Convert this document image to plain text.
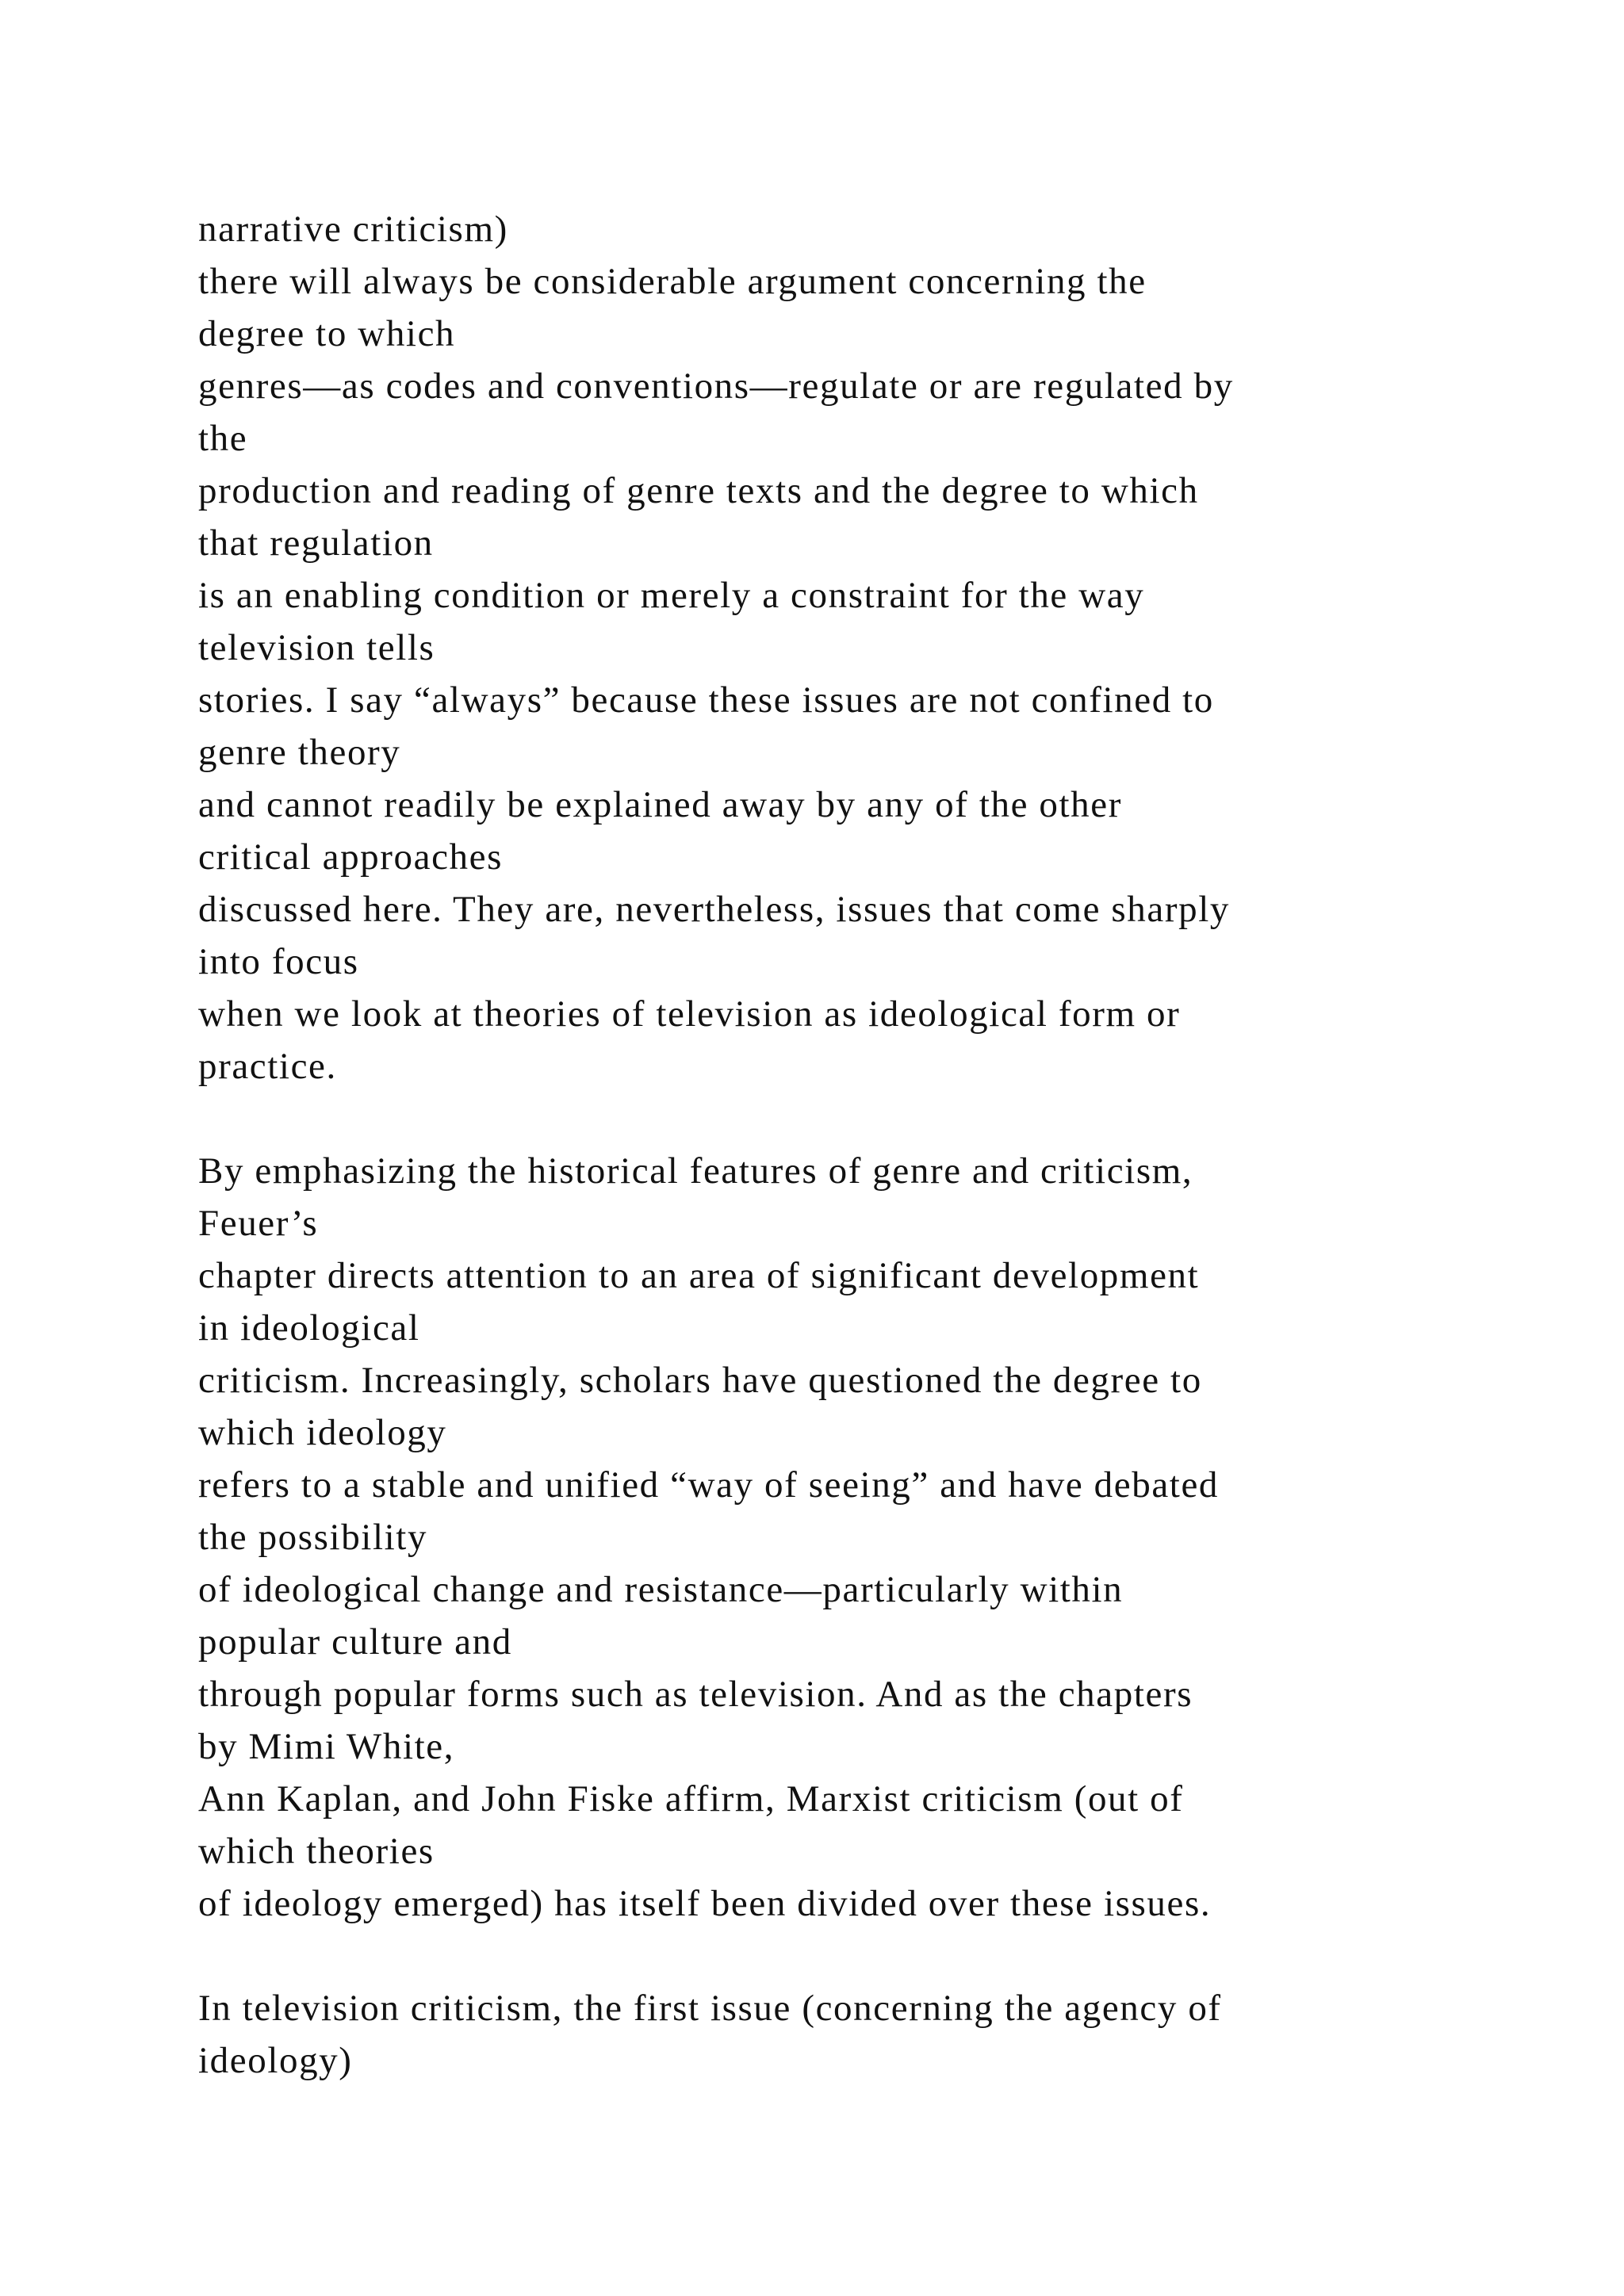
narrative criticism)
there will always be considerable argument concerning the
degree to which
genres—as codes and conventions—regulate or are regulated by
the
production and reading of genre texts and the degree to which
that regulation
is an enabling condition or merely a constraint for the way
television tells
stories. I say “always” because these issues are not confined to
genre theory
and cannot readily be explained away by any of the other
critical approaches
discussed here. They are, nevertheless, issues that come sharply
into focus
when we look at theories of television as ideological form or
practice.
By emphasizing the historical features of genre and criticism,
Feuer’s
chapter directs attention to an area of significant development
in ideological
criticism. Increasingly, scholars have questioned the degree to
which ideology
refers to a stable and unified “way of seeing” and have debated
the possibility
of ideological change and resistance—particularly within
popular culture and
through popular forms such as television. And as the chapters
by Mimi White,
Ann Kaplan, and John Fiske affirm, Marxist criticism (out of
which theories
of ideology emerged) has itself been divided over these issues.
In television criticism, the first issue (concerning the agency of
ideology)
